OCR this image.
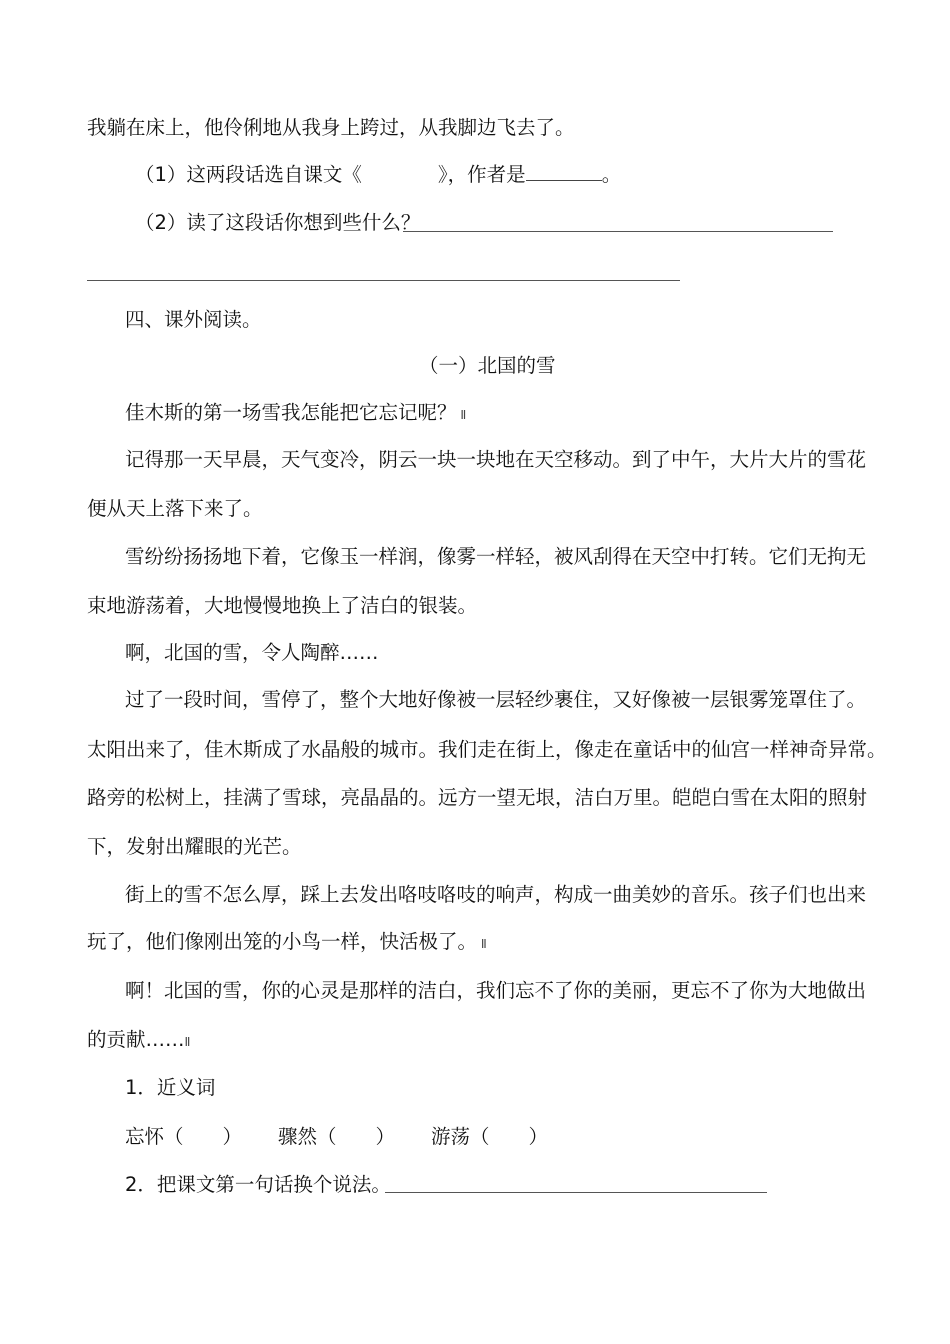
我躺在床上，他伶俐地从我身上跨过，从我脚边飞去了。
（1）这两段话选自课文《	》，作者是	。
（2）读了这段话你想到些什么？
四、课外阅读。
（一）北国的雪
佳木斯的第一场雪我怎能把它忘记呢？ Ⅱ
记得那一天早晨，天气变冷，阴云一块一块地在天空移动。到了中午，大片大片的雪花
便从天上落下来了。
雪纷纷扬扬地下着，它像玉一样润，像雾一样轻，被风刮得在天空中打转。它们无拘无
束地游荡着，大地慢慢地换上了洁白的银装。
啊，北国的雪，令人陶醉……
过了一段时间，雪停了，整个大地好像被一层轻纱裹住，又好像被一层银雾笼罩住了。
太阳出来了，佳木斯成了水晶般的城市。我们走在街上，像走在童话中的仙宫一样神奇异常。
路旁的松树上，挂满了雪球，亮晶晶的。远方一望无垠，洁白万里。皑皑白雪在太阳的照射
下，发射出耀眼的光芒。
街上的雪不怎么厚，踩上去发出咯吱咯吱的响声，构成一曲美妙的音乐。孩子们也出来
玩了，他们像刚出笼的小鸟一样，快活极了。 Ⅱ
啊！北国的雪，你的心灵是那样的洁白，我们忘不了你的美丽，更忘不了你为大地做出
的贡献……Ⅱ
1．近义词
忘怀（　　） 骤然（　　） 游荡（　　）
2．把课文第一句话换个说法。
